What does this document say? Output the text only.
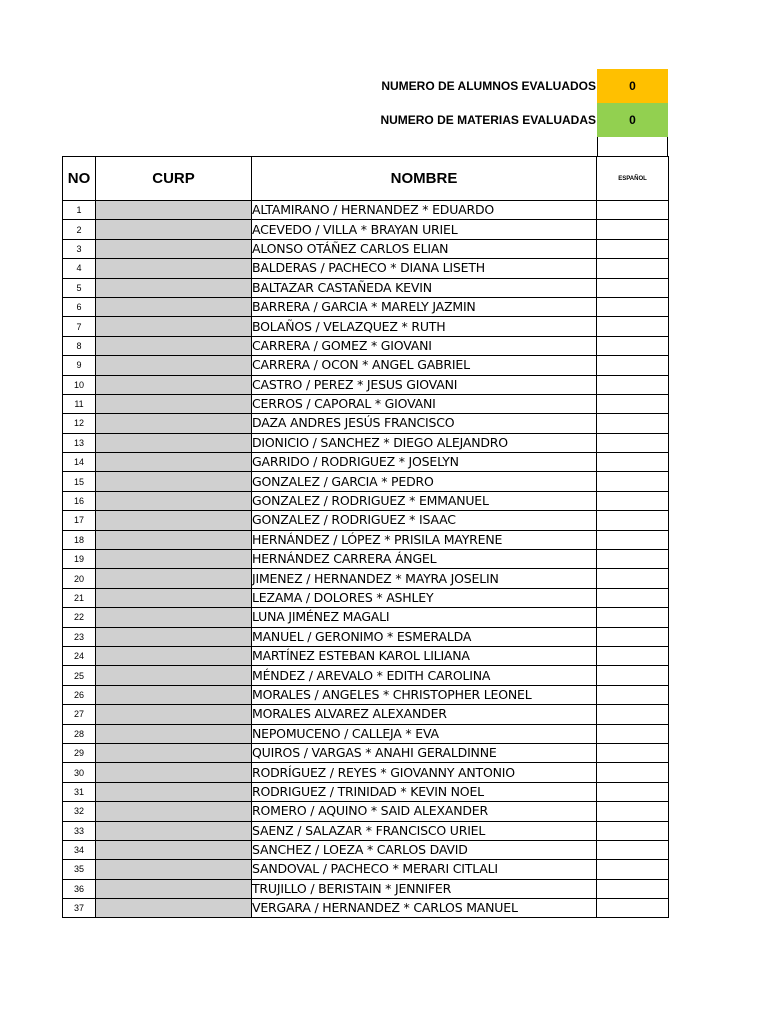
NUMERO DE ALUMNOS EVALUADOS	0
NUMERO DE MATERIAS EVALUADAS	0
NO	CURP	NOMBRE	ESPAÑOL
1		ALTAMIRANO / HERNANDEZ * EDUARDO	
2		ACEVEDO / VILLA * BRAYAN URIEL	
3		ALONSO OTÁÑEZ CARLOS ELIAN	
4		BALDERAS / PACHECO * DIANA LISETH	
5		BALTAZAR CASTAÑEDA KEVIN	
6		BARRERA / GARCIA * MARELY JAZMIN	
7		BOLAÑOS / VELAZQUEZ * RUTH	
8		CARRERA / GOMEZ * GIOVANI	
9		CARRERA / OCON * ANGEL GABRIEL	
10		CASTRO / PEREZ * JESUS GIOVANI	
11		CERROS / CAPORAL * GIOVANI	
12		DAZA ANDRES JESÚS FRANCISCO	
13		DIONICIO / SANCHEZ * DIEGO ALEJANDRO	
14		GARRIDO / RODRIGUEZ * JOSELYN	
15		GONZALEZ / GARCIA * PEDRO	
16		GONZALEZ / RODRIGUEZ * EMMANUEL	
17		GONZALEZ / RODRIGUEZ * ISAAC	
18		HERNÁNDEZ / LÓPEZ * PRISILA MAYRENE	
19		HERNÁNDEZ CARRERA ÁNGEL	
20		JIMENEZ / HERNANDEZ * MAYRA JOSELIN	
21		LEZAMA / DOLORES * ASHLEY	
22		LUNA JIMÉNEZ MAGALI	
23		MANUEL / GERONIMO * ESMERALDA	
24		MARTÍNEZ ESTEBAN KAROL LILIANA	
25		MÉNDEZ / AREVALO * EDITH CAROLINA	
26		MORALES / ANGELES * CHRISTOPHER LEONEL	
27		MORALES ALVAREZ ALEXANDER	
28		NEPOMUCENO / CALLEJA * EVA	
29		QUIROS / VARGAS * ANAHI GERALDINNE	
30		RODRÍGUEZ / REYES * GIOVANNY ANTONIO	
31		RODRIGUEZ / TRINIDAD * KEVIN NOEL	
32		ROMERO / AQUINO * SAID ALEXANDER	
33		SAENZ / SALAZAR * FRANCISCO URIEL	
34		SANCHEZ / LOEZA * CARLOS DAVID	
35		SANDOVAL / PACHECO * MERARI CITLALI	
36		TRUJILLO / BERISTAIN * JENNIFER	
37		VERGARA / HERNANDEZ * CARLOS MANUEL	
